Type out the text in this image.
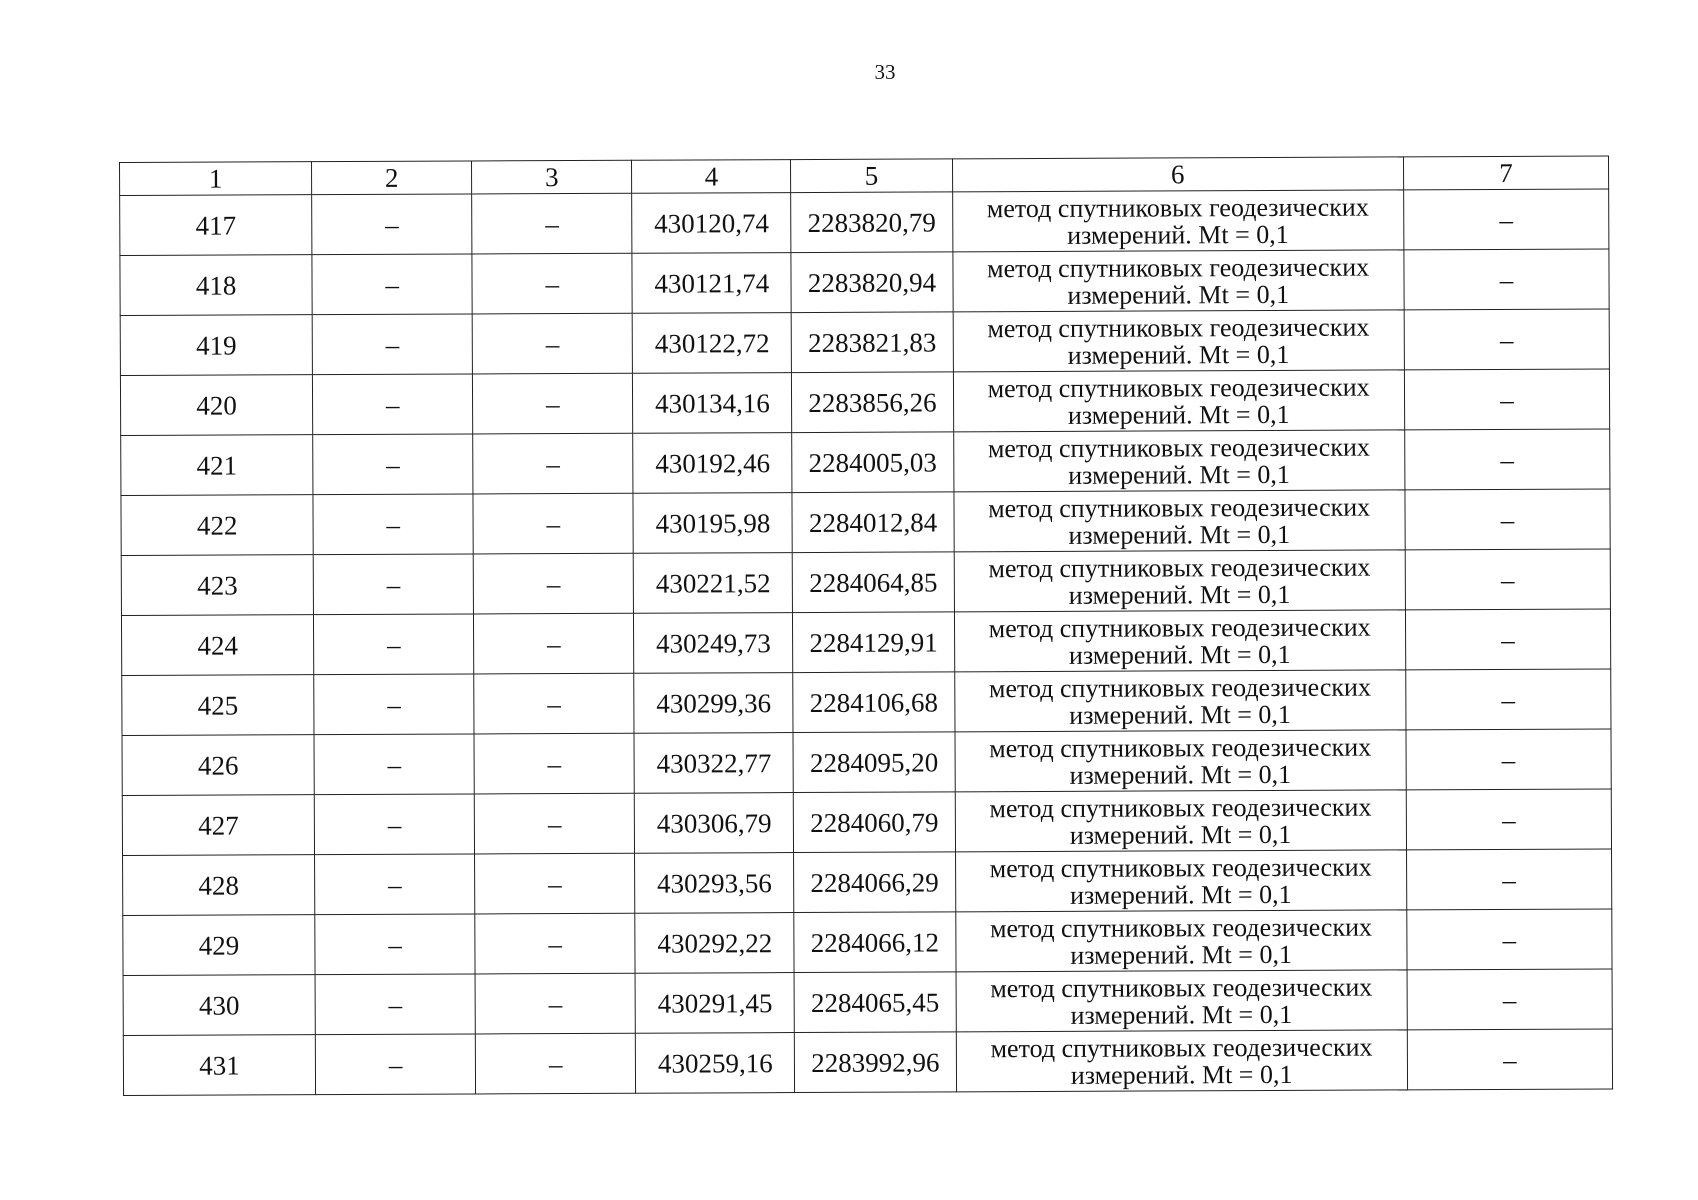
33
1	2	3	4	5	6	7
417	–	–	430120,74	2283820,79	метод спутниковых геодезических измерений. Mt = 0,1	–
418	–	–	430121,74	2283820,94	метод спутниковых геодезических измерений. Mt = 0,1	–
419	–	–	430122,72	2283821,83	метод спутниковых геодезических измерений. Mt = 0,1	–
420	–	–	430134,16	2283856,26	метод спутниковых геодезических измерений. Mt = 0,1	–
421	–	–	430192,46	2284005,03	метод спутниковых геодезических измерений. Mt = 0,1	–
422	–	–	430195,98	2284012,84	метод спутниковых геодезических измерений. Mt = 0,1	–
423	–	–	430221,52	2284064,85	метод спутниковых геодезических измерений. Mt = 0,1	–
424	–	–	430249,73	2284129,91	метод спутниковых геодезических измерений. Mt = 0,1	–
425	–	–	430299,36	2284106,68	метод спутниковых геодезических измерений. Mt = 0,1	–
426	–	–	430322,77	2284095,20	метод спутниковых геодезических измерений. Mt = 0,1	–
427	–	–	430306,79	2284060,79	метод спутниковых геодезических измерений. Mt = 0,1	–
428	–	–	430293,56	2284066,29	метод спутниковых геодезических измерений. Mt = 0,1	–
429	–	–	430292,22	2284066,12	метод спутниковых геодезических измерений. Mt = 0,1	–
430	–	–	430291,45	2284065,45	метод спутниковых геодезических измерений. Mt = 0,1	–
431	–	–	430259,16	2283992,96	метод спутниковых геодезических измерений. Mt = 0,1	–
